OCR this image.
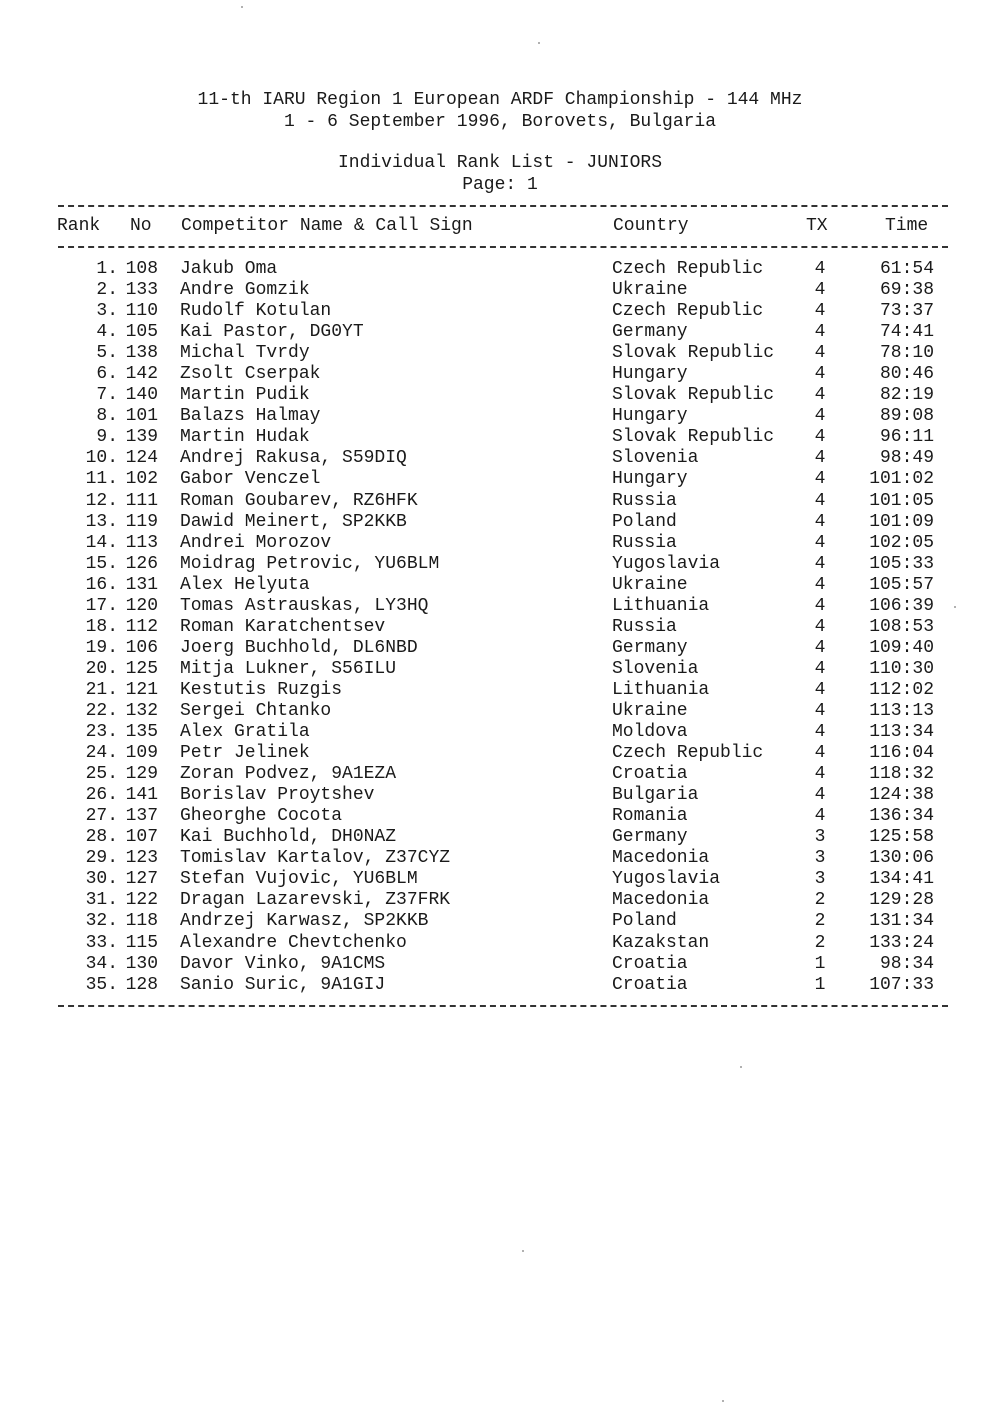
11-th IARU Region 1 European ARDF Championship - 144 MHz
1 - 6 September 1996, Borovets, Bulgaria
Individual Rank List - JUNIORS
Page: 1
Rank No Competitor Name & Call Sign	Country	TX	Time
1. 108 Jakub Oma	Czech Republic	4	61:54
2. 133 Andre Gomzik	Ukraine	4	69:38
3. 110 Rudolf Kotulan	Czech Republic	4	73:37
4. 105 Kai Pastor, DG0YT	Germany	4	74:41
5. 138 Michal Tvrdy	Slovak Republic	4	78:10
6. 142 Zsolt Cserpak	Hungary	4	80:46
7. 140 Martin Pudik	Slovak Republic	4	82:19
8. 101 Balazs Halmay	Hungary	4	89:08
9. 139 Martin Hudak	Slovak Republic	4	96:11
10. 124 Andrej Rakusa, S59DIQ	Slovenia	4	98:49
11. 102 Gabor Venczel	Hungary	4	101:02
12. 111 Roman Goubarev, RZ6HFK	Russia	4	101:05
13. 119 Dawid Meinert, SP2KKB	Poland	4	101:09
14. 113 Andrei Morozov	Russia	4	102:05
15. 126 Moidrag Petrovic, YU6BLM	Yugoslavia	4	105:33
16. 131 Alex Helyuta	Ukraine	4	105:57
17. 120 Tomas Astrauskas, LY3HQ	Lithuania	4	106:39
18. 112 Roman Karatchentsev	Russia	4	108:53
19. 106 Joerg Buchhold, DL6NBD	Germany	4	109:40
20. 125 Mitja Lukner, S56ILU	Slovenia	4	110:30
21. 121 Kestutis Ruzgis	Lithuania	4	112:02
22. 132 Sergei Chtanko	Ukraine	4	113:13
23. 135 Alex Gratila	Moldova	4	113:34
24. 109 Petr Jelinek	Czech Republic	4	116:04
25. 129 Zoran Podvez, 9A1EZA	Croatia	4	118:32
26. 141 Borislav Proytshev	Bulgaria	4	124:38
27. 137 Gheorghe Cocota	Romania	4	136:34
28. 107 Kai Buchhold, DH0NAZ	Germany	3	125:58
29. 123 Tomislav Kartalov, Z37CYZ	Macedonia	3	130:06
30. 127 Stefan Vujovic, YU6BLM	Yugoslavia	3	134:41
31. 122 Dragan Lazarevski, Z37FRK	Macedonia	2	129:28
32. 118 Andrzej Karwasz, SP2KKB	Poland	2	131:34
33. 115 Alexandre Chevtchenko	Kazakstan	2	133:24
34. 130 Davor Vinko, 9A1CMS	Croatia	1	98:34
35. 128 Sanio Suric, 9A1GIJ	Croatia	1	107:33
